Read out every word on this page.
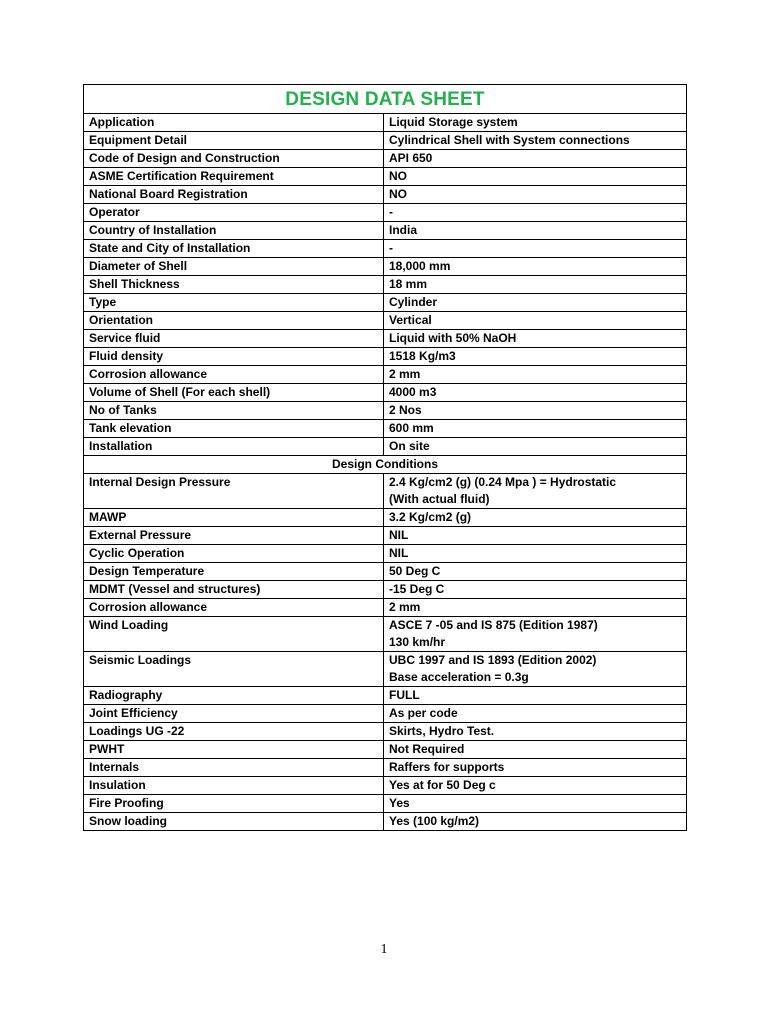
DESIGN DATA SHEET	

Application	Liquid Storage system

Equipment Detail	Cylindrical Shell with System connections

Code of Design and Construction	API 650

ASME Certification Requirement	NO

National Board Registration	NO

Operator	-

Country of Installation	India

State and City of Installation	-

Diameter of Shell	18,000 mm

Shell Thickness	18 mm

Type	Cylinder

Orientation	Vertical

Service fluid	Liquid with 50% NaOH

Fluid density	1518 Kg/m3

Corrosion allowance	2 mm

Volume of Shell (For each shell)	4000 m3

No of Tanks	2 Nos

Tank elevation	600 mm

Installation	On site

Design Conditions	

Internal Design Pressure	2.4 Kg/cm2 (g) (0.24 Mpa ) = Hydrostatic
(With actual fluid)

MAWP	3.2 Kg/cm2 (g)

External Pressure	NIL

Cyclic Operation	NIL

Design Temperature	50 Deg C

MDMT (Vessel and structures)	-15 Deg C

Corrosion allowance	2 mm

Wind Loading	ASCE 7 -05 and IS 875 (Edition 1987)
130 km/hr

Seismic Loadings	UBC 1997 and IS 1893 (Edition 2002)
Base acceleration = 0.3g

Radiography	FULL

Joint Efficiency	As per code

Loadings UG -22	Skirts, Hydro Test.

PWHT	Not Required

Internals	Raffers for supports

Insulation	Yes at for 50 Deg c

Fire Proofing	Yes

Snow loading	Yes (100 kg/m2)
1
